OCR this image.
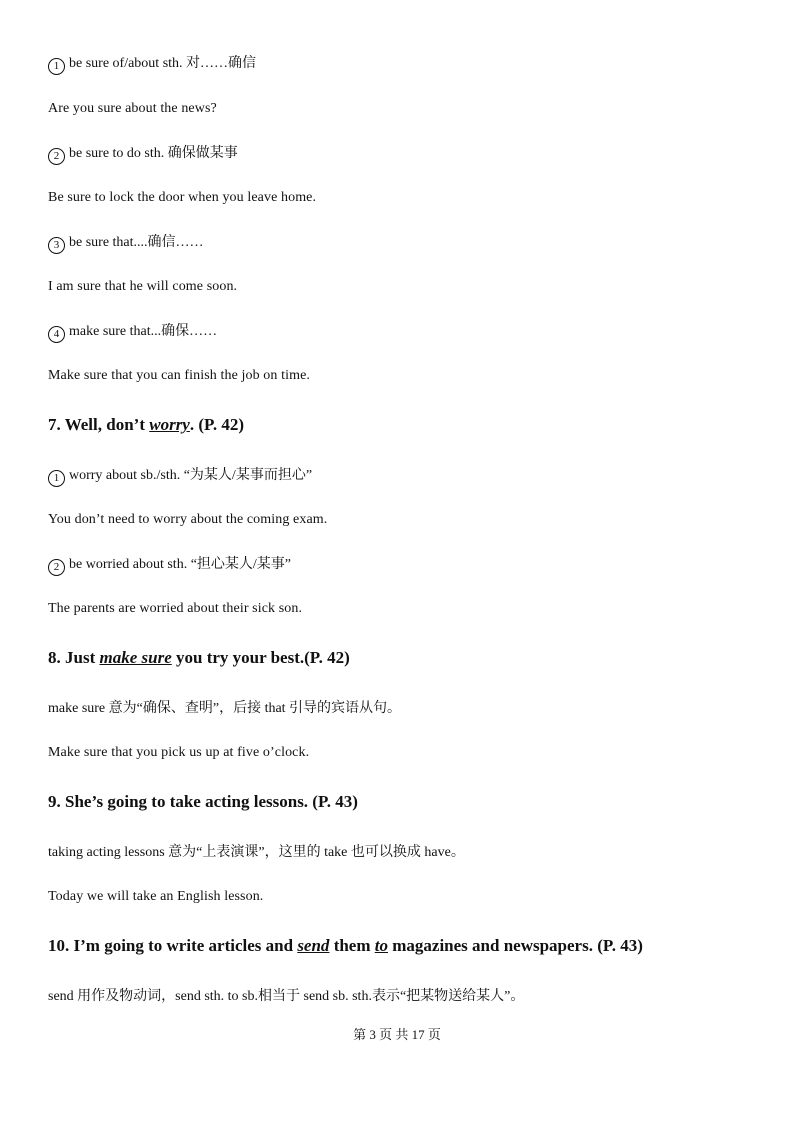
1 be sure of/about sth. 对……确信
Are you sure about the news?
2 be sure to do sth. 确保做某事
Be sure to lock the door when you leave home.
3 be sure that....确信……
I am sure that he will come soon.
4 make sure that...确保……
Make sure that you can finish the job on time.
7. Well, don’t worry. (P. 42)
1 worry about sb./sth. “为某人/某事而担心”
You don’t need to worry about the coming exam.
2 be worried about sth. “担心某人/某事”
The parents are worried about their sick son.
8. Just make sure you try your best.(P. 42)
make sure 意为“确保、查明”，后接 that 引导的宾语从句。
Make sure that you pick us up at five o’clock.
9. She’s going to take acting lessons. (P. 43)
taking acting lessons 意为“上表演课”，这里的 take 也可以换成 have。
Today we will take an English lesson.
10. I’m going to write articles and send them to magazines and newspapers. (P. 43)
send 用作及物动词，send sth. to sb.相当于 send sb. sth.表示“把某物送给某人”。
第 3 页 共 17 页
